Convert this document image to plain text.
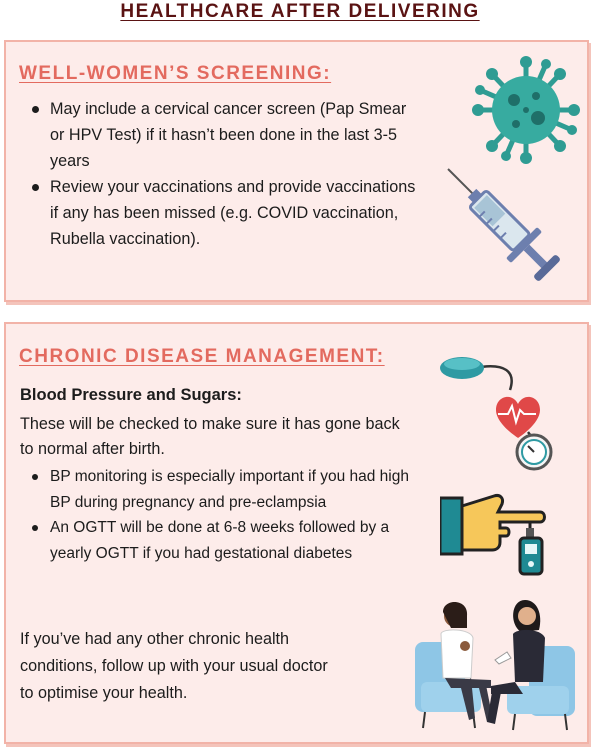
HEALTHCARE AFTER DELIVERING
WELL-WOMEN’S SCREENING:
May include a cervical cancer screen (Pap Smear or HPV Test) if it hasn’t been done in the last 3-5 years
Review your vaccinations and provide vaccinations if any has been missed (e.g. COVID vaccination, Rubella vaccination).
CHRONIC DISEASE MANAGEMENT:
Blood Pressure and Sugars:
These will be checked to make sure it has gone back to normal after birth.
BP monitoring is especially important if you had high BP during pregnancy and pre-eclampsia
An OGTT will be done at 6-8 weeks followed by a yearly OGTT if you had gestational diabetes
If you’ve had any other chronic health conditions, follow up with your usual doctor to optimise your health.
